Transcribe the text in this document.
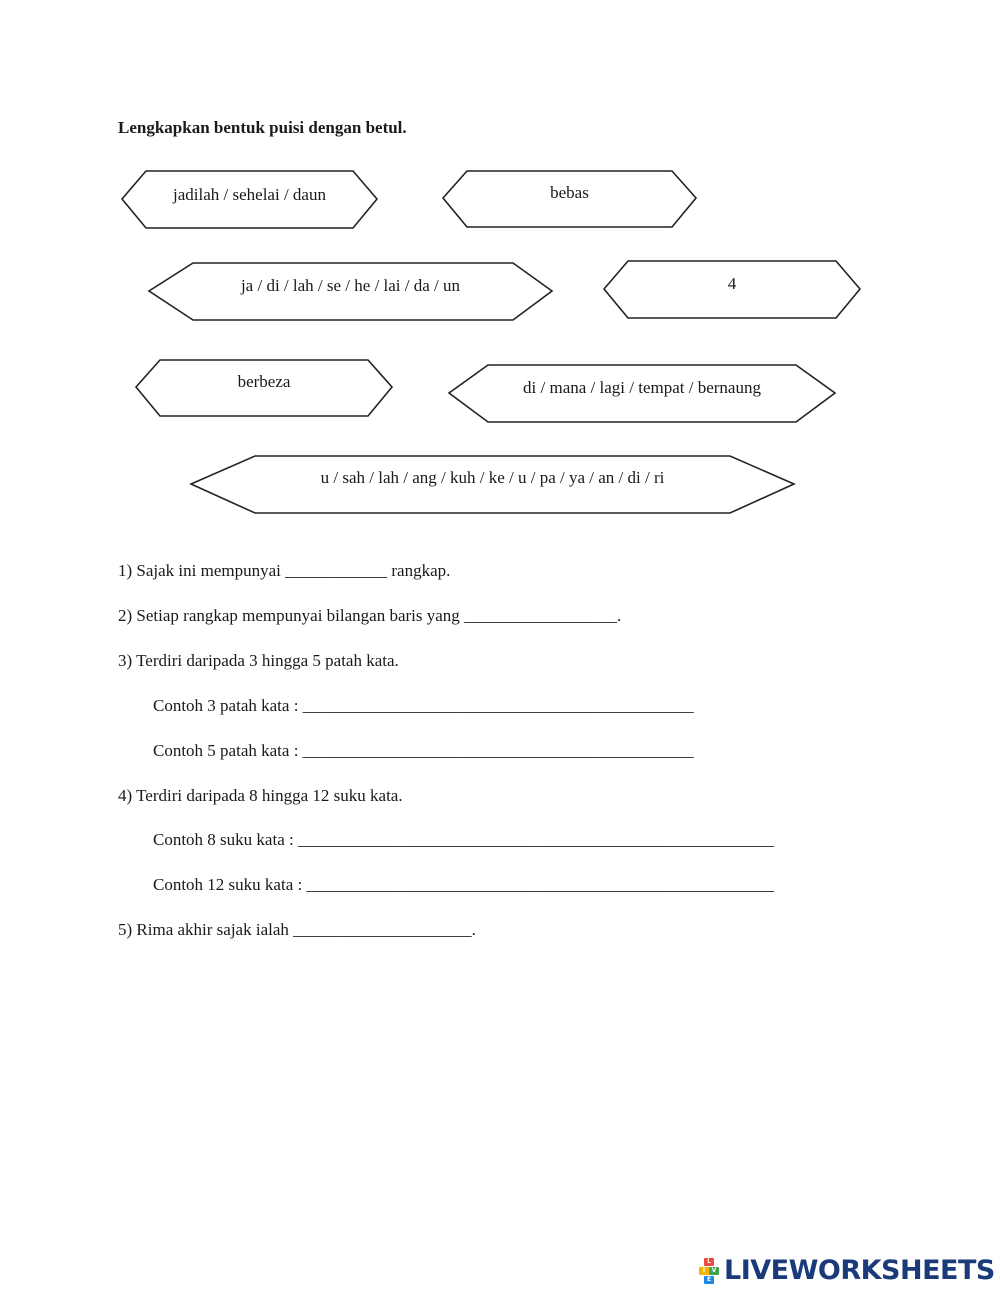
Lengkapkan bentuk puisi dengan betul.
jadilah / sehelai / daun	bebas
ja / di / lah / se / he / lai / da / un	4
berbeza	di / mana / lagi / tempat / bernaung
u / sah / lah / ang / kuh / ke / u / pa / ya / an / di / ri
1) Sajak ini mempunyai ____________ rangkap.
2) Setiap rangkap mempunyai bilangan baris yang __________________.
3) Terdiri daripada 3 hingga 5 patah kata.
Contoh 3 patah kata : ______________________________________________
Contoh 5 patah kata : ______________________________________________
4) Terdiri daripada 8 hingga 12 suku kata.
Contoh 8 suku kata : ________________________________________________________
Contoh 12 suku kata : _______________________________________________________
5) Rima akhir sajak ialah _____________________.
L
I	V
E LIVEWORKSHEETS
